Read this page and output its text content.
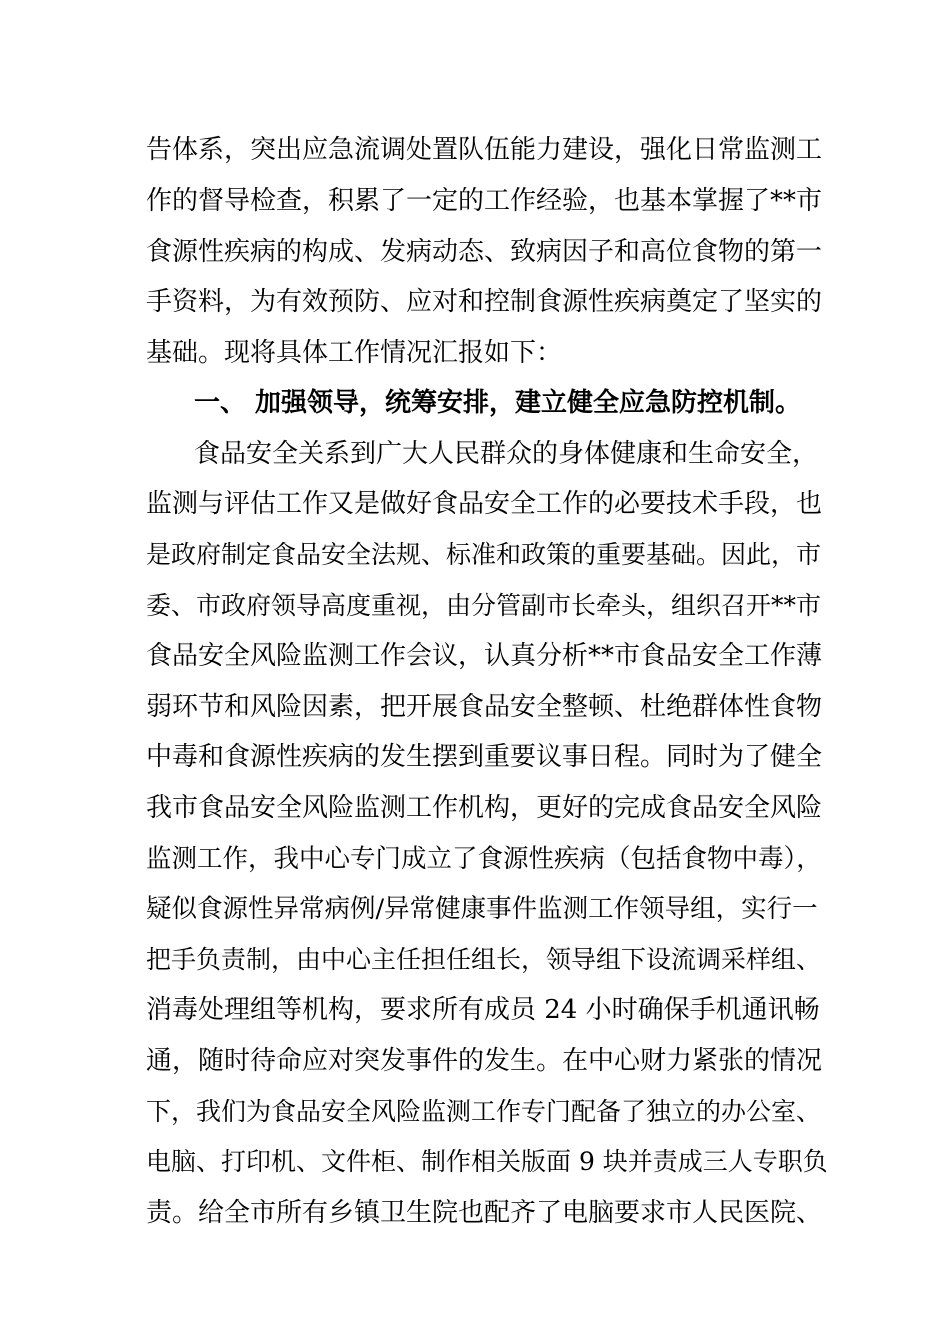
告体系，突出应急流调处置队伍能力建设，强化日常监测工
作的督导检查，积累了一定的工作经验，也基本掌握了**市
食源性疾病的构成、发病动态、致病因子和高位食物的第一
手资料，为有效预防、应对和控制食源性疾病奠定了坚实的
基础。现将具体工作情况汇报如下：
一、 加强领导，统筹安排，建立健全应急防控机制。
食品安全关系到广大人民群众的身体健康和生命安全，
监测与评估工作又是做好食品安全工作的必要技术手段，也
是政府制定食品安全法规、标准和政策的重要基础。因此，市
委、市政府领导高度重视，由分管副市长牵头，组织召开**市
食品安全风险监测工作会议，认真分析**市食品安全工作薄
弱环节和风险因素，把开展食品安全整顿、杜绝群体性食物
中毒和食源性疾病的发生摆到重要议事日程。同时为了健全
我市食品安全风险监测工作机构，更好的完成食品安全风险
监测工作，我中心专门成立了食源性疾病（包括食物中毒），
疑似食源性异常病例/异常健康事件监测工作领导组，实行一
把手负责制，由中心主任担任组长，领导组下设流调采样组、
消毒处理组等机构，要求所有成员 24 小时确保手机通讯畅
通，随时待命应对突发事件的发生。在中心财力紧张的情况
下，我们为食品安全风险监测工作专门配备了独立的办公室、
电脑、打印机、文件柜、制作相关版面 9 块并责成三人专职负
责。给全市所有乡镇卫生院也配齐了电脑要求市人民医院、
